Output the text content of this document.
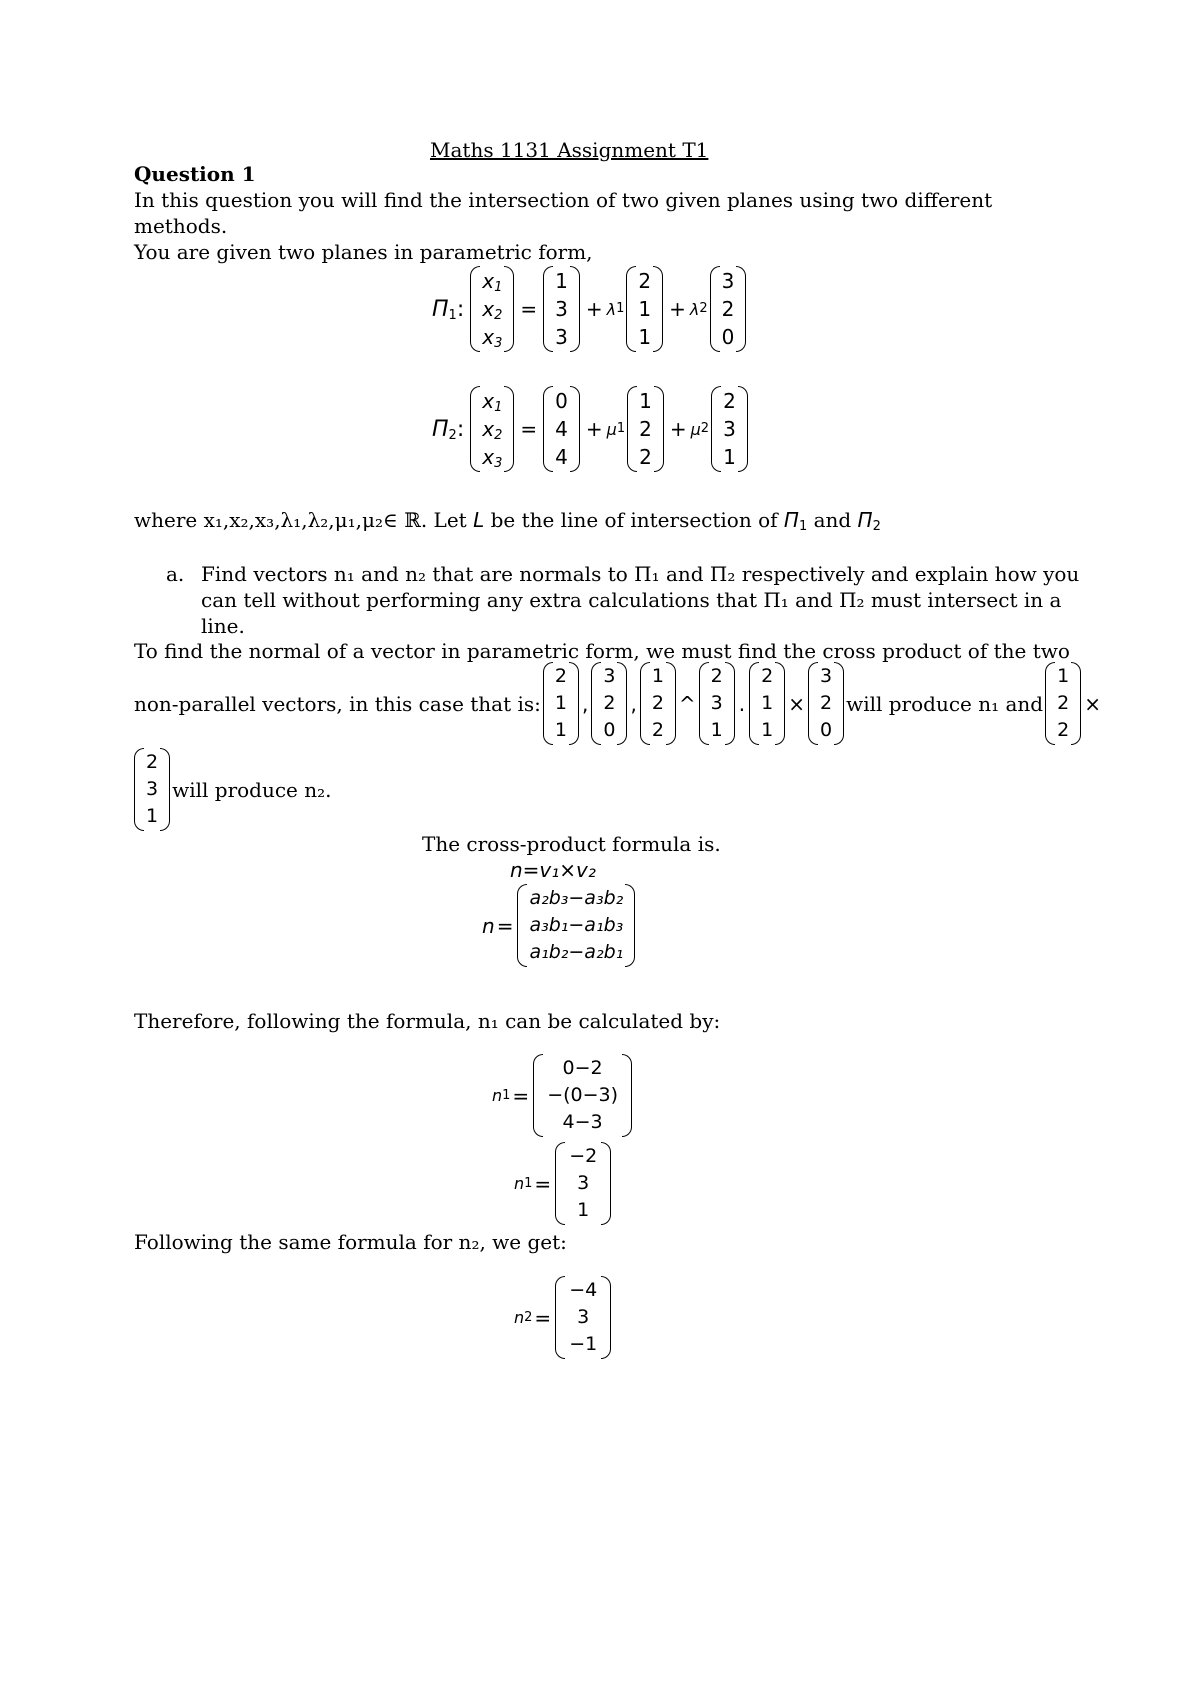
Maths 1131 Assignment T1
Question 1
In this question you will find the intersection of two given planes using two different
methods.
You are given two planes in parametric form,
$\Pi_1$:
$x_1$
$x_2$
$x_3$
=
1
3
3
+ λ 1
2
1
1
+ λ 2
3
2
0
$\Pi_2$:
$x_1$
$x_2$
$x_3$
=
0
4
4
+ μ 1
1
2
2
+ μ 2
2
3
1
where x₁,x₂,x₃,λ₁,λ₂,μ₁,μ₂∈ ℝ. Let L be the line of intersection of $\Pi_1$ and $\Pi_2$
a. Find vectors n₁ and n₂ that are normals to Π₁ and Π₂ respectively and explain how you
can tell without performing any extra calculations that Π₁ and Π₂ must intersect in a
line.
To find the normal of a vector in parametric form, we must find the cross product of the two
non-parallel vectors, in this case that is:
2
1
1
,
3
2
0
,
1
2
2
^
2
3
1
.
2
1
1
×
3
2
0
will produce n₁ and
1
2
2
×
2
3
1
will produce n₂.
The cross-product formula is.
n=v₁×v₂
n =
a₂b₃−a₃b₂
a₃b₁−a₁b₃
a₁b₂−a₂b₁
Therefore, following the formula, n₁ can be calculated by:
n 1 =
0−2
−(0−3)
4−3
n 1 =
−2
3
1
Following the same formula for n₂, we get:
n 2 =
−4
3
−1
